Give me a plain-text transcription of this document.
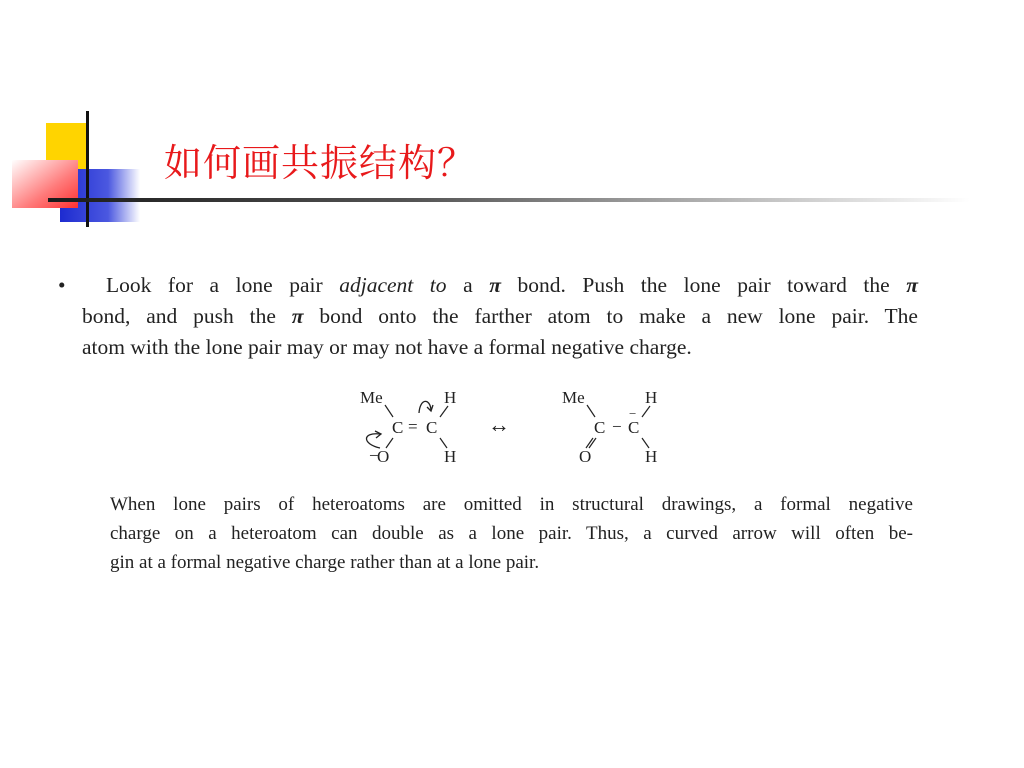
如何画共振结构？
• Look for a lone pair adjacent to a π bond. Push the lone pair toward the π
bond, and push the π bond onto the farther atom to make a new lone pair. The
atom with the lone pair may or may not have a formal negative charge.
Me	H
C = C
−
O	H
↔
Me	H
C − C
−
O	H
When lone pairs of heteroatoms are omitted in structural drawings, a formal negative
charge on a heteroatom can double as a lone pair. Thus, a curved arrow will often be-
gin at a formal negative charge rather than at a lone pair.
